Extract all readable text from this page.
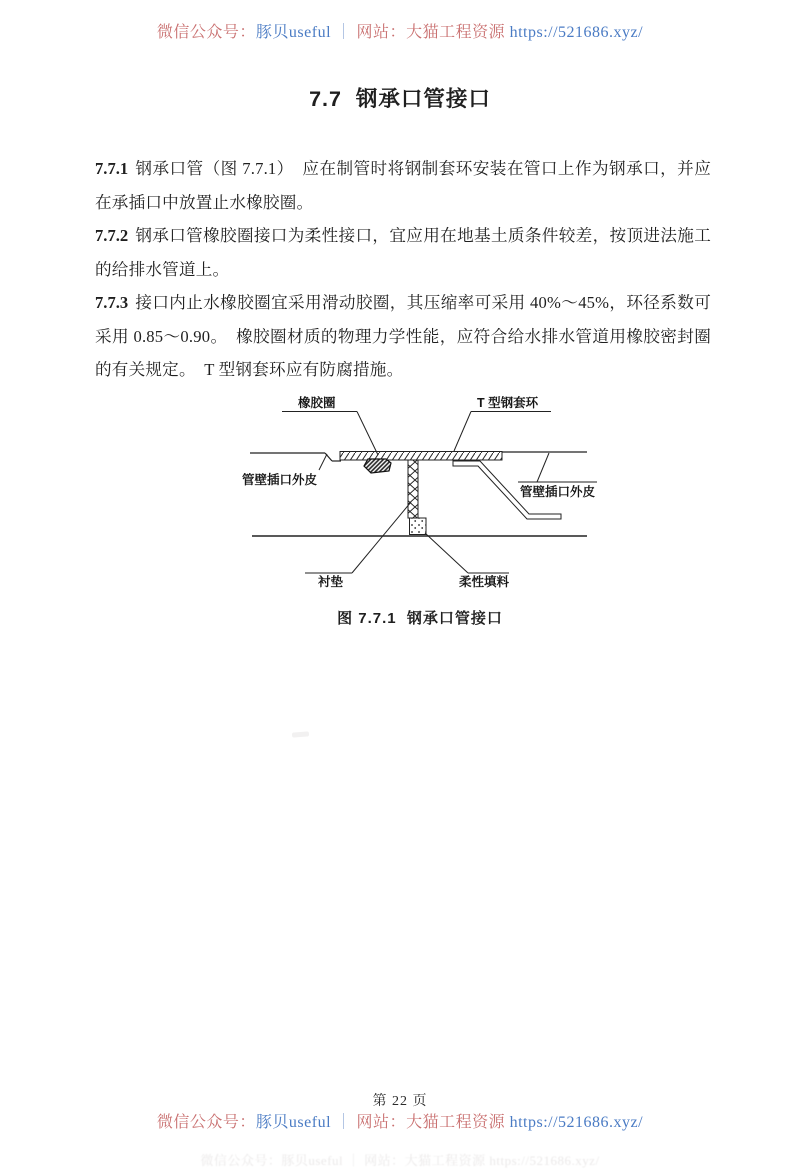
微信公众号：豚贝useful ｜ 网站：大猫工程资源 https://521686.xyz/
7.7  钢承口管接口

7.7.1 钢承口管（图 7.7.1） 应在制管时将钢制套环安装在管口上作为钢承口，并应在承插口中放置止水橡胶圈。

7.7.2 钢承口管橡胶圈接口为柔性接口，宜应用在地基土质条件较差，按顶进法施工的给排水管道上。

7.7.3 接口内止水橡胶圈宜采用滑动胶圈，其压缩率可采用 40%～45%，环径系数可采用 0.85～0.90。 橡胶圈材质的物理力学性能，应符合给水排水管道用橡胶密封圈的有关规定。 T 型钢套环应有防腐措施。

橡胶圈	T 型钢套环
管壁插口外皮
管壁插口外皮
衬垫	柔性填料
图 7.7.1  钢承口管接口
第 22 页
微信公众号：豚贝useful ｜ 网站：大猫工程资源 https://521686.xyz/
微信公众号：豚贝useful ｜ 网站：大猫工程资源 https://521686.xyz/
